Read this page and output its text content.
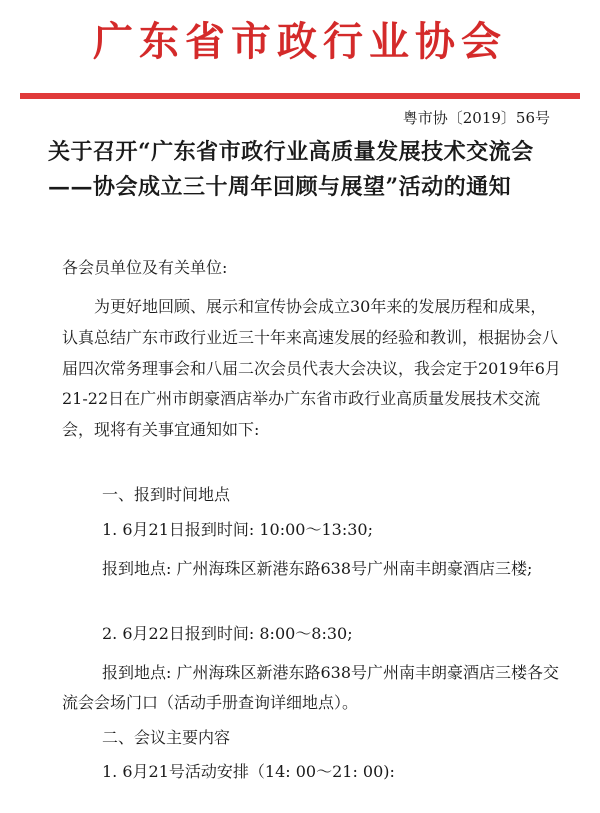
广东省市政行业协会
粤市协〔2019〕56号
关于召开“广东省市政行业高质量发展技术交流会——协会成立三十周年回顾与展望”活动的通知

各会员单位及有关单位:

为更好地回顾、展示和宣传协会成立30年来的发展历程和成果，认真总结广东市政行业近三十年来高速发展的经验和教训，根据协会八届四次常务理事会和八届二次会员代表大会决议，我会定于2019年6月21-22日在广州市朗豪酒店举办广东省市政行业高质量发展技术交流会，现将有关事宜通知如下:

一、报到时间地点

1. 6月21日报到时间: 10:00～13:30;

报到地点: 广州海珠区新港东路638号广州南丰朗豪酒店三楼;

2. 6月22日报到时间: 8:00～8:30;

报到地点: 广州海珠区新港东路638号广州南丰朗豪酒店三楼各交流会会场门口（活动手册查询详细地点）。

二、会议主要内容

1. 6月21号活动安排（14: 00～21: 00):
